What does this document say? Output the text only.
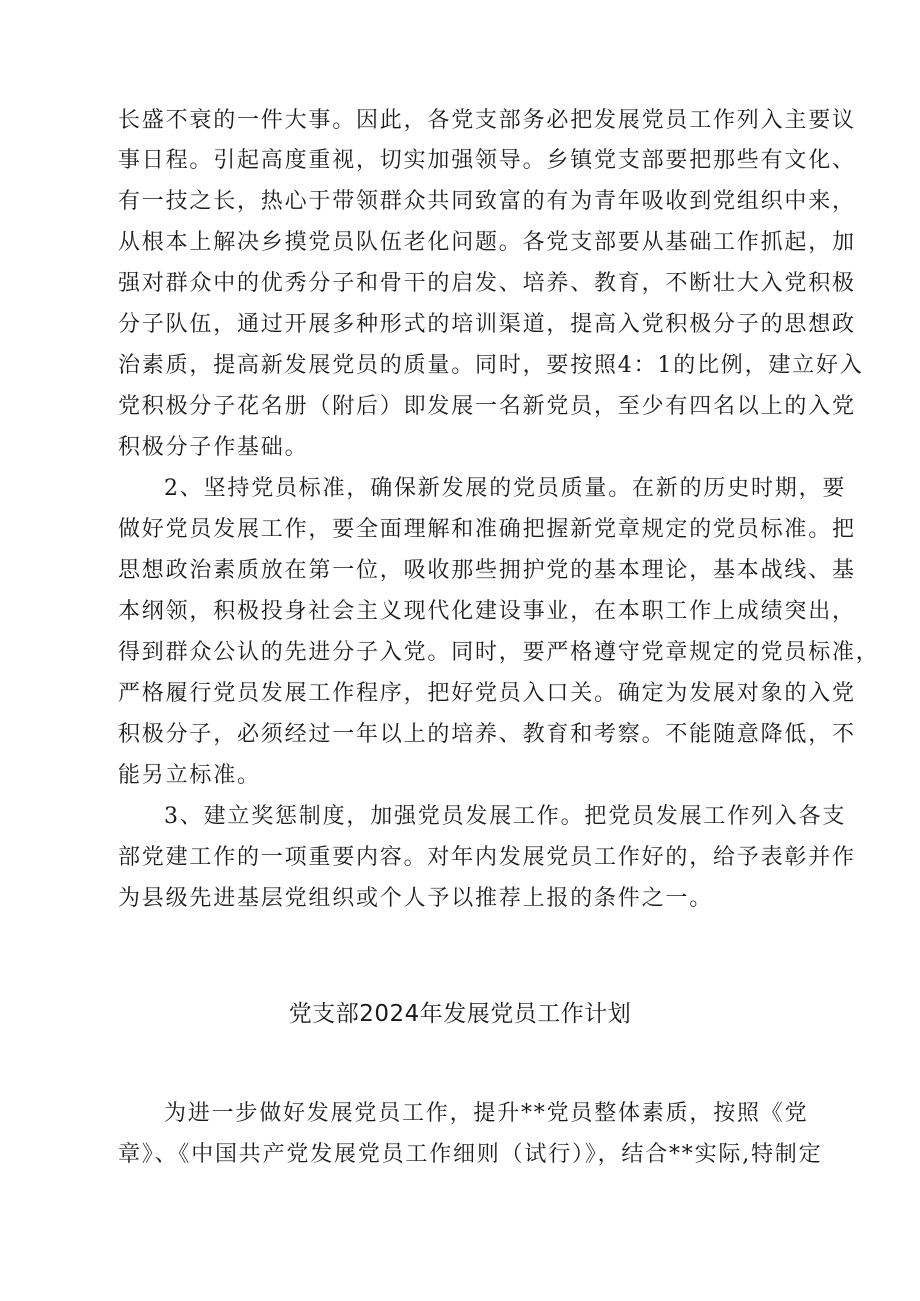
长盛不衰的一件大事。因此，各党支部务必把发展党员工作列入主要议
事日程。引起高度重视，切实加强领导。乡镇党支部要把那些有文化、
有一技之长，热心于带领群众共同致富的有为青年吸收到党组织中来，
从根本上解决乡摸党员队伍老化问题。各党支部要从基础工作抓起，加
强对群众中的优秀分子和骨干的启发、培养、教育，不断壮大入党积极
分子队伍，通过开展多种形式的培训渠道，提高入党积极分子的思想政
治素质，提高新发展党员的质量。同时，要按照4：1的比例，建立好入
党积极分子花名册（附后）即发展一名新党员，至少有四名以上的入党
积极分子作基础。
2、坚持党员标准，确保新发展的党员质量。在新的历史时期，要
做好党员发展工作，要全面理解和准确把握新党章规定的党员标准。把
思想政治素质放在第一位，吸收那些拥护党的基本理论，基本战线、基
本纲领，积极投身社会主义现代化建设事业，在本职工作上成绩突出，
得到群众公认的先进分子入党。同时，要严格遵守党章规定的党员标准，
严格履行党员发展工作程序，把好党员入口关。确定为发展对象的入党
积极分子，必须经过一年以上的培养、教育和考察。不能随意降低，不
能另立标准。
3、建立奖惩制度，加强党员发展工作。把党员发展工作列入各支
部党建工作的一项重要内容。对年内发展党员工作好的，给予表彰并作
为县级先进基层党组织或个人予以推荐上报的条件之一。
党支部2024年发展党员工作计划
为进一步做好发展党员工作，提升**党员整体素质，按照《党
章》、《中国共产党发展党员工作细则（试行）》，结合**实际,特制定
